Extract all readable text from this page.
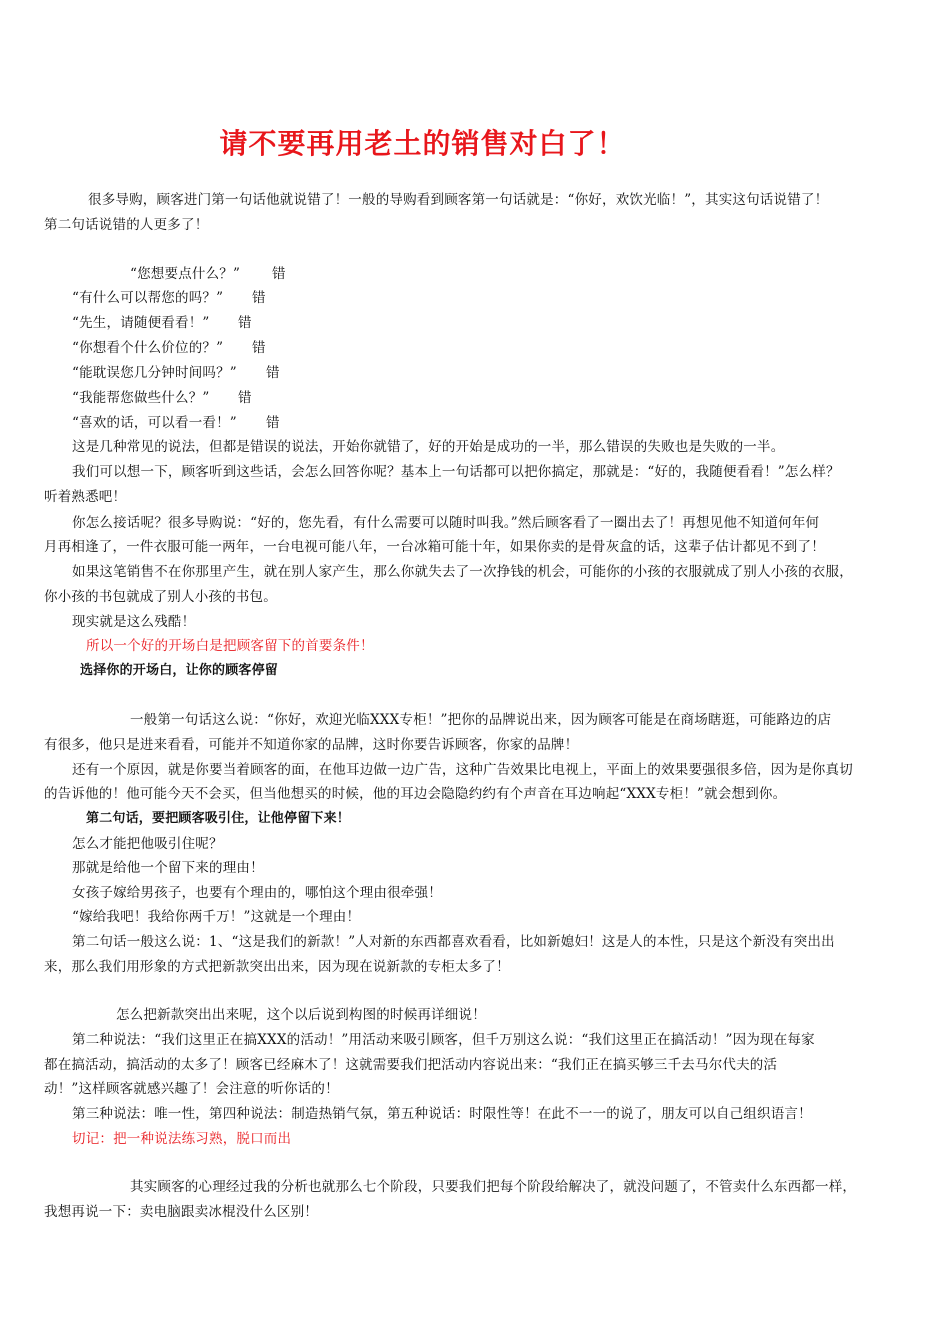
请不要再用老土的销售对白了！
很多导购，顾客进门第一句话他就说错了！一般的导购看到顾客第一句话就是：“你好，欢饮光临！”，其实这句话说错了！
第二句话说错的人更多了！
“您想要点什么？” 错
“有什么可以帮您的吗？” 错
“先生，请随便看看！” 错
“你想看个什么价位的？” 错
“能耽误您几分钟时间吗？” 错
“我能帮您做些什么？” 错
“喜欢的话，可以看一看！” 错
这是几种常见的说法，但都是错误的说法，开始你就错了，好的开始是成功的一半，那么错误的失败也是失败的一半。
我们可以想一下，顾客听到这些话，会怎么回答你呢？基本上一句话都可以把你搞定，那就是：“好的，我随便看看！”怎么样？
听着熟悉吧！
你怎么接话呢？很多导购说：“好的，您先看，有什么需要可以随时叫我。”然后顾客看了一圈出去了！再想见他不知道何年何
月再相逢了，一件衣服可能一两年，一台电视可能八年，一台冰箱可能十年，如果你卖的是骨灰盒的话，这辈子估计都见不到了！
如果这笔销售不在你那里产生，就在别人家产生，那么你就失去了一次挣钱的机会，可能你的小孩的衣服就成了别人小孩的衣服，
你小孩的书包就成了别人小孩的书包。
现实就是这么残酷！
所以一个好的开场白是把顾客留下的首要条件！
选择你的开场白，让你的顾客停留
一般第一句话这么说：“你好，欢迎光临XXX专柜！”把你的品牌说出来，因为顾客可能是在商场瞎逛，可能路边的店
有很多，他只是进来看看，可能并不知道你家的品牌，这时你要告诉顾客，你家的品牌！
还有一个原因，就是你要当着顾客的面，在他耳边做一边广告，这种广告效果比电视上，平面上的效果要强很多倍，因为是你真切
的告诉他的！他可能今天不会买，但当他想买的时候，他的耳边会隐隐约约有个声音在耳边响起“XXX专柜！”就会想到你。
第二句话，要把顾客吸引住，让他停留下来！
怎么才能把他吸引住呢？
那就是给他一个留下来的理由！
女孩子嫁给男孩子，也要有个理由的，哪怕这个理由很牵强！
“嫁给我吧！我给你两千万！”这就是一个理由！
第二句话一般这么说：1、“这是我们的新款！”人对新的东西都喜欢看看，比如新媳妇！这是人的本性，只是这个新没有突出出
来，那么我们用形象的方式把新款突出出来，因为现在说新款的专柜太多了！
怎么把新款突出出来呢，这个以后说到构图的时候再详细说！
第二种说法：“我们这里正在搞XXX的活动！”用活动来吸引顾客，但千万别这么说：“我们这里正在搞活动！”因为现在每家
都在搞活动，搞活动的太多了！顾客已经麻木了！这就需要我们把活动内容说出来：“我们正在搞买够三千去马尔代夫的活
动！”这样顾客就感兴趣了！会注意的听你话的！
第三种说法：唯一性，第四种说法：制造热销气氛，第五种说话：时限性等！在此不一一的说了，朋友可以自己组织语言！
切记：把一种说法练习熟，脱口而出
其实顾客的心理经过我的分析也就那么七个阶段，只要我们把每个阶段给解决了，就没问题了，不管卖什么东西都一样，
我想再说一下：卖电脑跟卖冰棍没什么区别！
